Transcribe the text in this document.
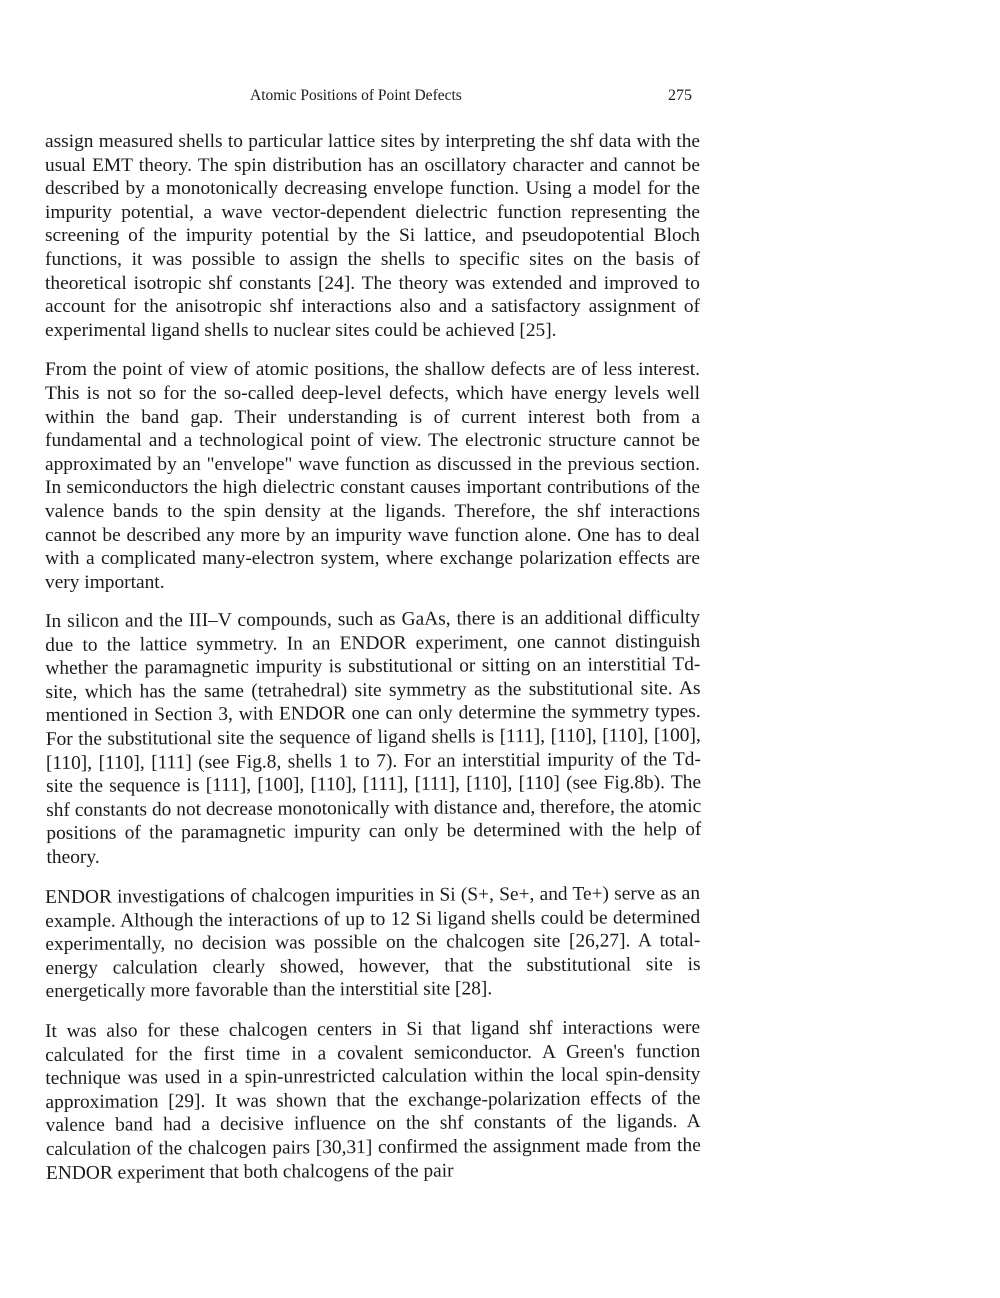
Atomic Positions of Point Defects	275

assign measured shells to particular lattice sites by interpreting the shf data with the usual EMT theory. The spin distribution has an oscillatory character and cannot be described by a monotonically decreasing envelope function. Using a model for the impurity potential, a wave vector-dependent dielectric function representing the screening of the impurity potential by the Si lattice, and pseudopotential Bloch functions, it was possible to assign the shells to specific sites on the basis of theoretical isotropic shf constants [24]. The theory was extended and improved to account for the anisotropic shf interactions also and a satisfactory assignment of experimental ligand shells to nuclear sites could be achieved [25].

From the point of view of atomic positions, the shallow defects are of less interest. This is not so for the so-called deep-level defects, which have energy levels well within the band gap. Their understanding is of current interest both from a fundamental and a technological point of view. The electronic structure cannot be approximated by an "envelope" wave function as discussed in the previous section. In semiconductors the high dielectric constant causes important contributions of the valence bands to the spin density at the ligands. Therefore, the shf interactions cannot be described any more by an impurity wave function alone. One has to deal with a complicated many-electron system, where exchange polarization effects are very important.

In silicon and the III–V compounds, such as GaAs, there is an additional difficulty due to the lattice symmetry. In an ENDOR experiment, one cannot distinguish whether the paramagnetic impurity is substitutional or sitting on an interstitial Td-site, which has the same (tetrahedral) site symmetry as the substitutional site. As mentioned in Section 3, with ENDOR one can only determine the symmetry types. For the substitutional site the sequence of ligand shells is [111], [110], [110], [100], [110], [110], [111] (see Fig.8, shells 1 to 7). For an interstitial impurity of the Td-site the sequence is [111], [100], [110], [111], [111], [110], [110] (see Fig.8b). The shf constants do not decrease monotonically with distance and, therefore, the atomic positions of the paramagnetic impurity can only be determined with the help of theory.

ENDOR investigations of chalcogen impurities in Si (S+, Se+, and Te+) serve as an example. Although the interactions of up to 12 Si ligand shells could be determined experimentally, no decision was possible on the chalcogen site [26,27]. A total-energy calculation clearly showed, however, that the substitutional site is energetically more favorable than the interstitial site [28].

It was also for these chalcogen centers in Si that ligand shf interactions were calculated for the first time in a covalent semiconductor. A Green's function technique was used in a spin-unrestricted calculation within the local spin-density approximation [29]. It was shown that the exchange-polarization effects of the valence band had a decisive influence on the shf constants of the ligands. A calculation of the chalcogen pairs [30,31] confirmed the assignment made from the ENDOR experiment that both chalcogens of the pair
